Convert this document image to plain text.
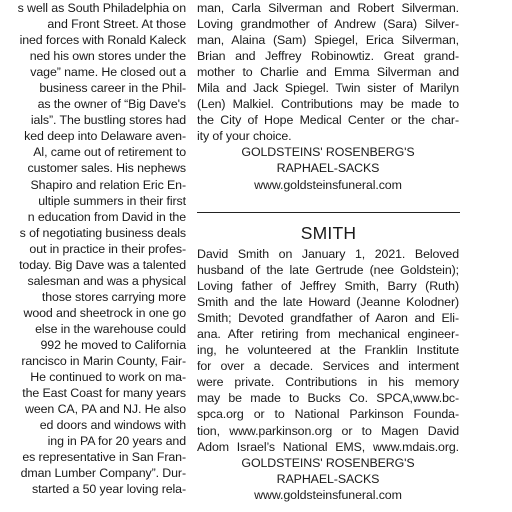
s well as South Philadelphia on
and Front Street. At those
ined forces with Ronald Kaleck
ned his own stores under the
vage” name. He closed out a
business career in the Phil-
as the owner of “Big Dave's
ials”. The bustling stores had
ked deep into Delaware aven-
Al, came out of retirement to
customer sales. His nephews
Shapiro and relation Eric En-
ultiple summers in their first
n education from David in the
s of negotiating business deals
out in practice in their profes-
today. Big Dave was a talented
salesman and was a physical
those stores carrying more
wood and sheetrock in one go
else in the warehouse could
992 he moved to California
rancisco in Marin County, Fair-
He continued to work on ma-
the East Coast for many years
ween CA, PA and NJ. He also
ed doors and windows with
ing in PA for 20 years and
es representative in San Fran-
dman Lumber Company”. Dur-
started a 50 year loving rela-
man, Carla Silverman and Robert Silverman.
Loving grandmother of Andrew (Sara) Silver-
man, Alaina (Sam) Spiegel, Erica Silverman,
Brian and Jeffrey Robinowtiz. Great grand-
mother to Charlie and Emma Silverman and
Mila and Jack Spiegel. Twin sister of Marilyn
(Len) Malkiel. Contributions may be made to
the City of Hope Medical Center or the char-
ity of your choice.
GOLDSTEINS' ROSENBERG'S
RAPHAEL-SACKS
www.goldsteinsfuneral.com
SMITH
David Smith on January 1, 2021. Beloved
husband of the late Gertrude (nee Goldstein);
Loving father of Jeffrey Smith, Barry (Ruth)
Smith and the late Howard (Jeanne Kolodner)
Smith; Devoted grandfather of Aaron and Eli-
ana. After retiring from mechanical engineer-
ing, he volunteered at the Franklin Institute
for over a decade. Services and interment
were private. Contributions in his memory
may be made to Bucks Co. SPCA,www.bc-
spca.org or to National Parkinson Founda-
tion, www.parkinson.org or to Magen David
Adom Israel’s National EMS, www.mdais.org.
GOLDSTEINS' ROSENBERG'S
RAPHAEL-SACKS
www.goldsteinsfuneral.com
